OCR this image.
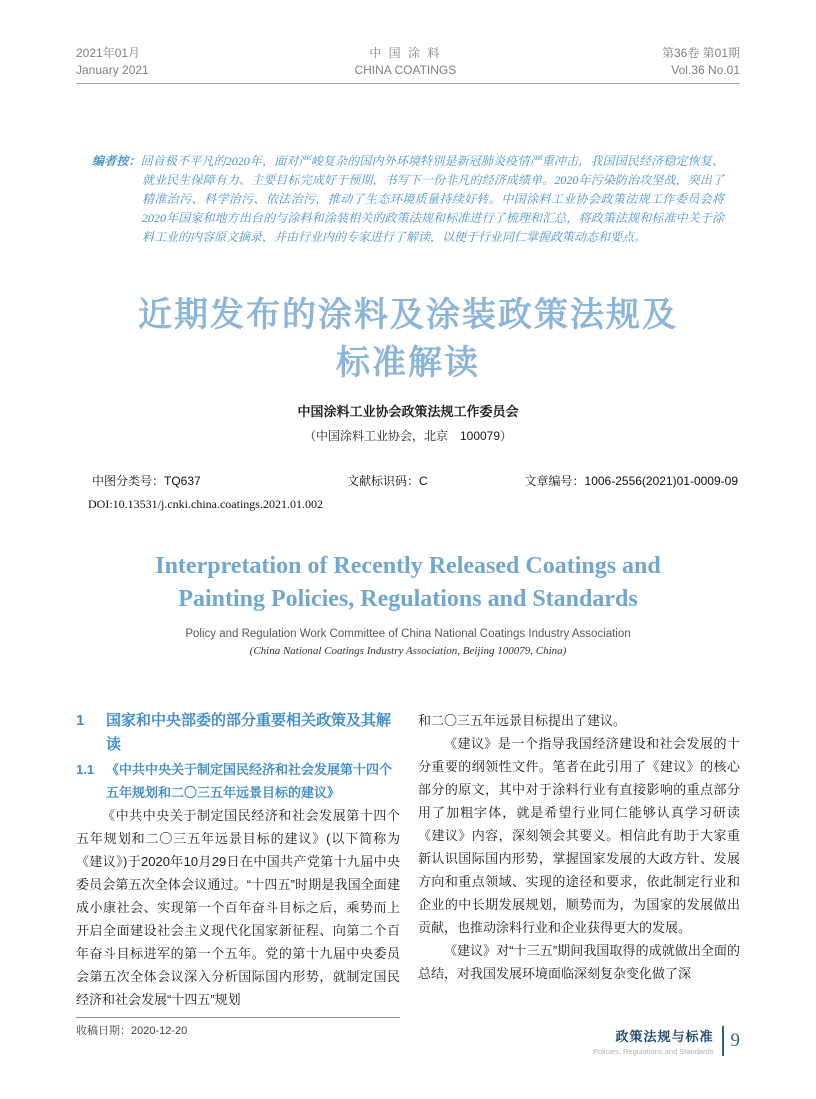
2021年01月
January 2021
中 国 涂 料
CHINA COATINGS
第36卷 第01期
Vol.36 No.01

编者按：回首极不平凡的2020年，面对严峻复杂的国内外环境特别是新冠肺炎疫情严重冲击，我国国民经济稳定恢复、就业民生保障有力、主要目标完成好于预期，书写下一份非凡的经济成绩单。2020年污染防治攻坚战，突出了精准治污、科学治污、依法治污，推动了生态环境质量持续好转。中国涂料工业协会政策法规工作委员会将2020年国家和地方出台的与涂料和涂装相关的政策法规和标准进行了梳理和汇总，将政策法规和标准中关于涂料工业的内容原文摘录，并由行业内的专家进行了解读，以便于行业同仁掌握政策动态和要点。

近期发布的涂料及涂装政策法规及
标准解读
中国涂料工业协会政策法规工作委员会
（中国涂料工业协会，北京　100079）
中图分类号：TQ637	文献标识码：C	文章编号：1006-2556(2021)01-0009-09
DOI:10.13531/j.cnki.china.coatings.2021.01.002
Interpretation of Recently Released Coatings and
Painting Policies, Regulations and Standards
Policy and Regulation Work Committee of China National Coatings Industry Association
(China National Coatings Industry Association, Beijing 100079, China)
1	国家和中央部委的部分重要相关政策及其解读
1.1 《中共中央关于制定国民经济和社会发展第十四个五年规划和二〇三五年远景目标的建议》

《中共中央关于制定国民经济和社会发展第十四个五年规划和二〇三五年远景目标的建议》(以下简称为《建议》)于2020年10月29日在中国共产党第十九届中央委员会第五次全体会议通过。“十四五”时期是我国全面建成小康社会、实现第一个百年奋斗目标之后，乘势而上开启全面建设社会主义现代化国家新征程、向第二个百年奋斗目标进军的第一个五年。党的第十九届中央委员会第五次全体会议深入分析国际国内形势，就制定国民经济和社会发展“十四五”规划

收稿日期：2020-12-20

和二〇三五年远景目标提出了建议。

《建议》是一个指导我国经济建设和社会发展的十分重要的纲领性文件。笔者在此引用了《建议》的核心部分的原文，其中对于涂料行业有直接影响的重点部分用了加粗字体，就是希望行业同仁能够认真学习研读《建议》内容，深刻领会其要义。相信此有助于大家重新认识国际国内形势，掌握国家发展的大政方针、发展方向和重点领域、实现的途径和要求，依此制定行业和企业的中长期发展规划，顺势而为，为国家的发展做出贡献，也推动涂料行业和企业获得更大的发展。

《建议》对“十三五”期间我国取得的成就做出全面的总结，对我国发展环境面临深刻复杂变化做了深

政策法规与标准
Policies, Regulations and Standards
9
